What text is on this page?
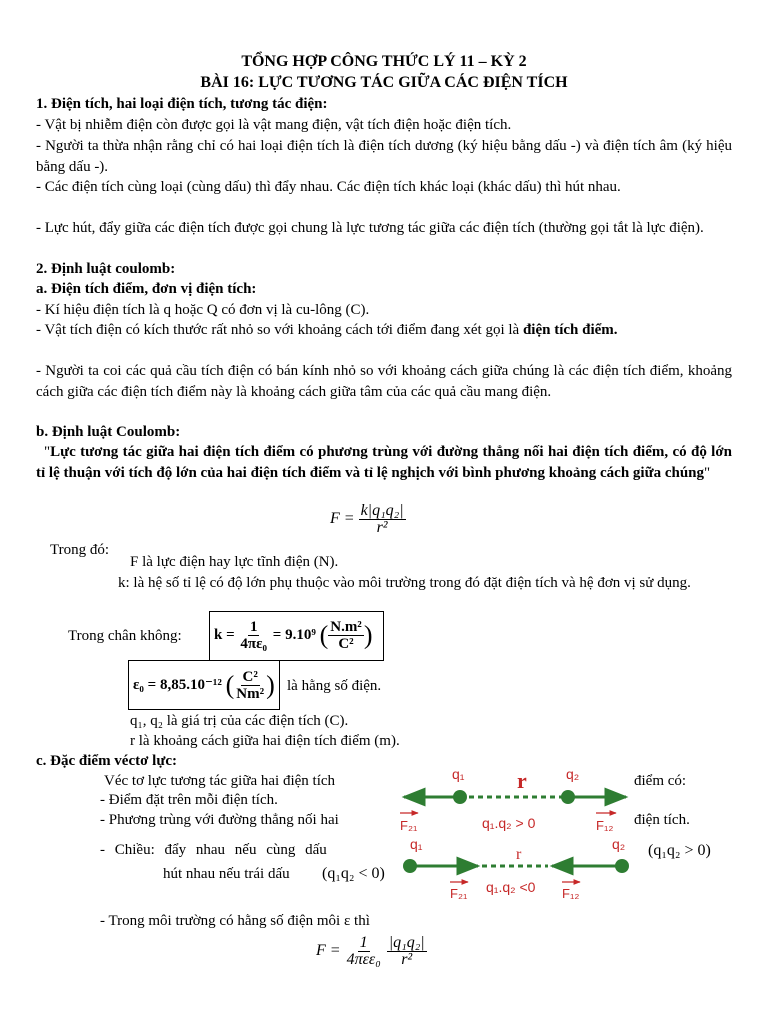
TỔNG HỢP CÔNG THỨC LÝ 11 – KỲ 2
BÀI 16: LỰC TƯƠNG TÁC GIỮA CÁC ĐIỆN TÍCH
1. Điện tích, hai loại điện tích, tương tác điện:
- Vật bị nhiễm điện còn được gọi là vật mang điện, vật tích điện hoặc điện tích.
- Người ta thừa nhận rằng chỉ có hai loại điện tích là điện tích dương (ký hiệu bằng dấu -) và điện tích âm (ký hiệu bằng dấu -).
- Các điện tích cùng loại (cùng dấu) thì đẩy nhau. Các điện tích khác loại (khác dấu) thì hút nhau.
- Lực hút, đẩy giữa các điện tích được gọi chung là lực tương tác giữa các điện tích (thường gọi tắt là lực điện).
2. Định luật coulomb:
a. Điện tích điểm, đơn vị điện tích:
- Kí hiệu điện tích là q hoặc Q có đơn vị là cu-lông (C).
- Vật tích điện có kích thước rất nhỏ so với khoảng cách tới điểm đang xét gọi là điện tích điểm.
- Người ta coi các quả cầu tích điện có bán kính nhỏ so với khoảng cách giữa chúng là các điện tích điểm, khoảng cách giữa các điện tích điểm này là khoảng cách giữa tâm của các quả cầu mang điện.
b. Định luật Coulomb:
"Lực tương tác giữa hai điện tích điểm có phương trùng với đường thẳng nối hai điện tích điểm, có độ lớn tỉ lệ thuận với tích độ lớn của hai điện tích điểm và tỉ lệ nghịch với bình phương khoảng cách giữa chúng"
$F = \frac{\text{k|q₁q₂|}}{\text{r²}}$
Trong đó:
F là lực điện hay lực tĩnh điện (N).
k: là hệ số tỉ lệ có độ lớn phụ thuộc vào môi trường trong đó đặt điện tích và hệ đơn vị sử dụng.
Trong chân không: $k = \frac{1}{\text{4πε₀}} = 9.10^9$ ( $\frac{\text{N.m²}}{\text{C²}}$ )
ε₀ = 8,85.10⁻¹² ( $\frac{\text{C²}}{\text{Nm²}}$ ) là hằng số điện.
q₁, q₂ là giá trị của các điện tích (C).
r là khoảng cách giữa hai điện tích điểm (m).
c. Đặc điểm véctơ lực:
Véc tơ lực tương tác giữa hai điện tích	điểm có:
- Điểm đặt trên mỗi điện tích.
- Phương trùng với đường thẳng nối hai	điện tích.
- Chiều: đẩy nhau nếu cùng dấu	(q₁q₂ > 0)
hút nhau nếu trái dấu (q₁q₂ < 0)
- Trong môi trường có hằng số điện môi ε thì
q₁	q₂
r
F₂₁	q₁.q₂ > 0	F₁₂
q₁	q₂
r
F₂₁ q₁.q₂ <0 F₁₂
$F = \frac{1}{\text{4πεε₀}}$
$\frac{\text{|q₁q₂|}}{\text{r²}}$
